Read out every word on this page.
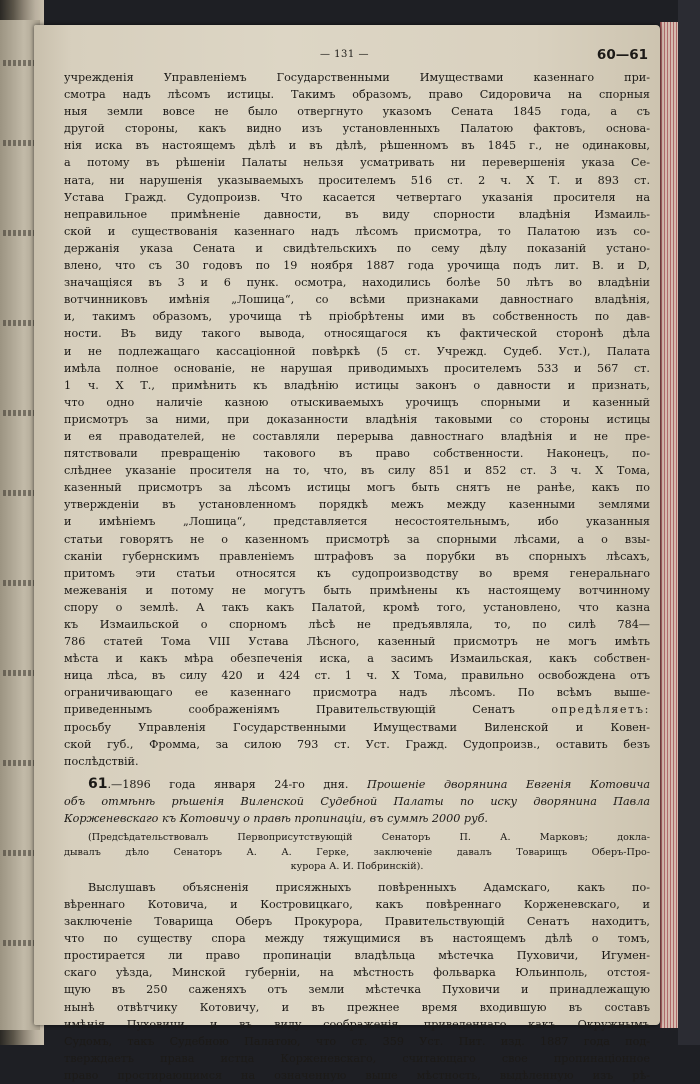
— 131 —	60—61
учрежденія Управленіемъ Государственными Имуществами казеннаго при-
смотра надъ лѣсомъ истицы. Такимъ образомъ, право Сидоровича на спорныя
ныя земли вовсе не было отвергнуто указомъ Сената 1845 года, а съ
другой стороны, какъ видно изъ установленныхъ Палатою фактовъ, основа-
нія иска въ настоящемъ дѣлѣ и въ дѣлѣ, рѣшенномъ въ 1845 г., не одинаковы,
а потому въ рѣшеніи Палаты нельзя усматривать ни перевершенія указа Се-
ната, ни нарушенія указываемыхъ просителемъ 516 ст. 2 ч. X Т. и 893 ст.
Устава Гражд. Судопроизв. Что касается четвертаго указанія просителя на
неправильное примѣненіе давности, въ виду спорности владѣнія Измаиль-
ской и существованія казеннаго надъ лѣсомъ присмотра, то Палатою изъ со-
держанія указа Сената и свидѣтельскихъ по сему дѣлу показаній устано-
влено, что съ 30 годовъ по 19 ноября 1887 года урочища подъ лит. B. и D,
значащіяся въ 3 и 6 пунк. осмотра, находились болѣе 50 лѣтъ во владѣніи
вотчинниковъ имѣнія „Лошица“, со всѣми признаками давностнаго владѣнія,
и, такимъ образомъ, урочища тѣ пріобрѣтены ими въ собственность по дав-
ности. Въ виду такого вывода, относящагося къ фактической сторонѣ дѣла
и не подлежащаго кассаціонной повѣркѣ (5 ст. Учрежд. Судеб. Уст.), Палата
имѣла полное основаніе, не нарушая приводимыхъ просителемъ 533 и 567 ст.
1 ч. X Т., примѣнить къ владѣнію истицы законъ о давности и признать,
что одно наличіе казною отыскиваемыхъ урочищъ спорными и казенный
присмотръ за ними, при доказанности владѣнія таковыми со стороны истицы
и ея праводателей, не составляли перерыва давностнаго владѣнія и не пре-
пятствовали превращенію такового въ право собственности. Наконецъ, по-
слѣднее указаніе просителя на то, что, въ силу 851 и 852 ст. 3 ч. X Тома,
казенный присмотръ за лѣсомъ истицы могъ быть снятъ не ранѣе, какъ по
утвержденіи въ установленномъ порядкѣ межъ между казенными землями
и имѣніемъ „Лошица“, представляется несостоятельнымъ, ибо указанныя
статьи говорятъ не о казенномъ присмотрѣ за спорными лѣсами, а о взы-
сканіи губернскимъ правленіемъ штрафовъ за порубки въ спорныхъ лѣсахъ,
притомъ эти статьи относятся къ судопроизводству во время генеральнаго
межеванія и потому не могутъ быть примѣнены къ настоящему вотчинному
спору о землѣ. А такъ какъ Палатой, кромѣ того, установлено, что казна
къ Измаильской о спорномъ лѣсѣ не предъявляла, то, по силѣ 784—
786 статей Тома VIII Устава Лѣсного, казенный присмотръ не могъ имѣть
мѣста и какъ мѣра обезпеченія иска, а засимъ Измаильская, какъ собствен-
ница лѣса, въ силу 420 и 424 ст. 1 ч. X Тома, правильно освобождена отъ
ограничивающаго ее казеннаго присмотра надъ лѣсомъ. По всѣмъ выше-
приведеннымъ соображеніямъ Правительствующій Сенатъ	опредѣляетъ:
просьбу Управленія Государственными Имуществами Виленской и Ковен-
ской губ., Фромма, за силою 793 ст. Уст. Гражд. Судопроизв., оставить безъ
послѣдствій.
61.—1896 года января 24-го дня. Прошеніе дворянина Евгенія Котовича
объ отмѣнѣ рѣшенія Виленской Судебной Палаты по иску дворянина Павла
Корженевскаго къ Котовичу о правѣ пропинаціи, въ суммѣ 2000 руб.
(Предсѣдательствовалъ Первоприсутствующій Сенаторъ П. А. Марковъ; докла-
дывалъ дѣло Сенаторъ А. А. Герке, заключеніе давалъ Товарищъ Оберъ-Про-
курора А. И. Побринскій).
Выслушавъ объясненія присяжныхъ повѣренныхъ Адамскаго, какъ по-
вѣреннаго Котовича, и Костровицкаго, какъ повѣреннаго Корженевскаго, и
заключеніе Товарища Оберъ Прокурора, Правительствующій Сенатъ находитъ,
что по существу спора между тяжущимися въ настоящемъ дѣлѣ о томъ,
простирается ли право пропинаціи владѣльца мѣстечка Пуховичи, Игумен-
скаго уѣзда, Минской губерніи, на мѣстность фольварка Юльинполь, отстоя-
щую въ 250 саженяхъ отъ земли мѣстечка Пуховичи и принадлежащую
нынѣ отвѣтчику Котовичу, и въ прежнее время входившую въ составъ
имѣнія Пуховичи, и въ виду соображенія, приведеннаго какъ Окружнымъ
Судомъ, такъ Судебною Палатою, что ст. 359 Уст. Пит. изд. 1887 года под-
тверждаетъ права истца Корженевскаго, считающаго свое пропинаціонное
право простирающимся на означенную выше мѣстность, выдѣленную изъ рѣ-
